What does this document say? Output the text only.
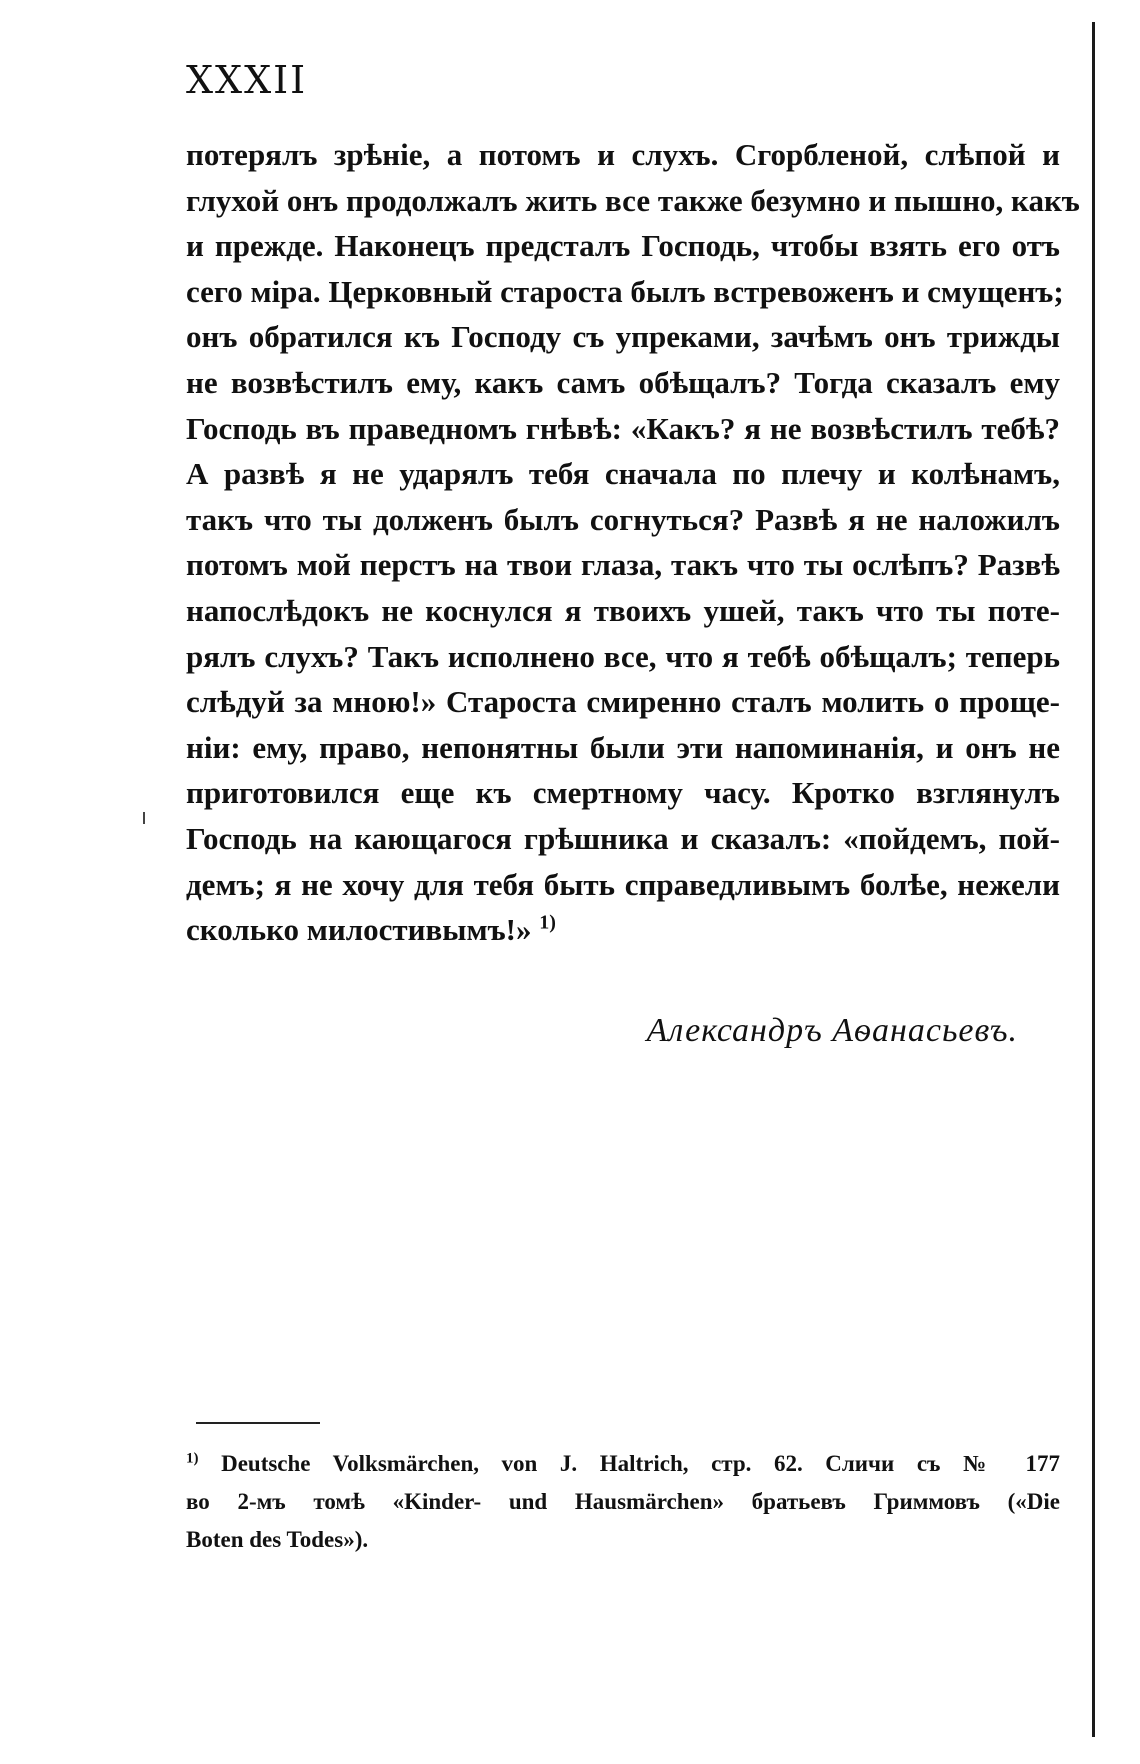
XXXII
потерялъ зрѣніе, а потомъ и слухъ. Сгорбленой, слѣпой и
глухой онъ продолжалъ жить все также безумно и пышно, какъ
и прежде. Наконецъ предсталъ Господь, чтобы взять его отъ
сего міра. Церковный староста былъ встревоженъ и смущенъ;
онъ обратился къ Господу съ упреками, зачѣмъ онъ трижды
не возвѣстилъ ему, какъ самъ обѣщалъ? Тогда сказалъ ему
Господь въ праведномъ гнѣвѣ: «Какъ? я не возвѣстилъ тебѣ?
А развѣ я не ударялъ тебя сначала по плечу и колѣнамъ,
такъ что ты долженъ былъ согнуться? Развѣ я не наложилъ
потомъ мой перстъ на твои глаза, такъ что ты ослѣпъ? Развѣ
напослѣдокъ не коснулся я твоихъ ушей, такъ что ты поте-
рялъ слухъ? Такъ исполнено все, что я тебѣ обѣщалъ; теперь
слѣдуй за мною!» Староста смиренно сталъ молить о проще-
ніи: ему, право, непонятны были эти напоминанія, и онъ не
приготовился еще къ смертному часу. Кротко взглянулъ
Господь на кающагося грѣшника и сказалъ: «пойдемъ, пой-
демъ; я не хочу для тебя быть справедливымъ болѣе, нежели
сколько милостивымъ!» $^{1)}$
Александръ Аѳанасьевъ.
$^{1)}$ Deutsche Volksmärchen, von J. Haltrich, стр. 62. Сличи съ № 177
во 2-мъ томѣ «Kinder- und Hausmärchen» братьевъ Гриммовъ («Die
Boten des Todes»).
